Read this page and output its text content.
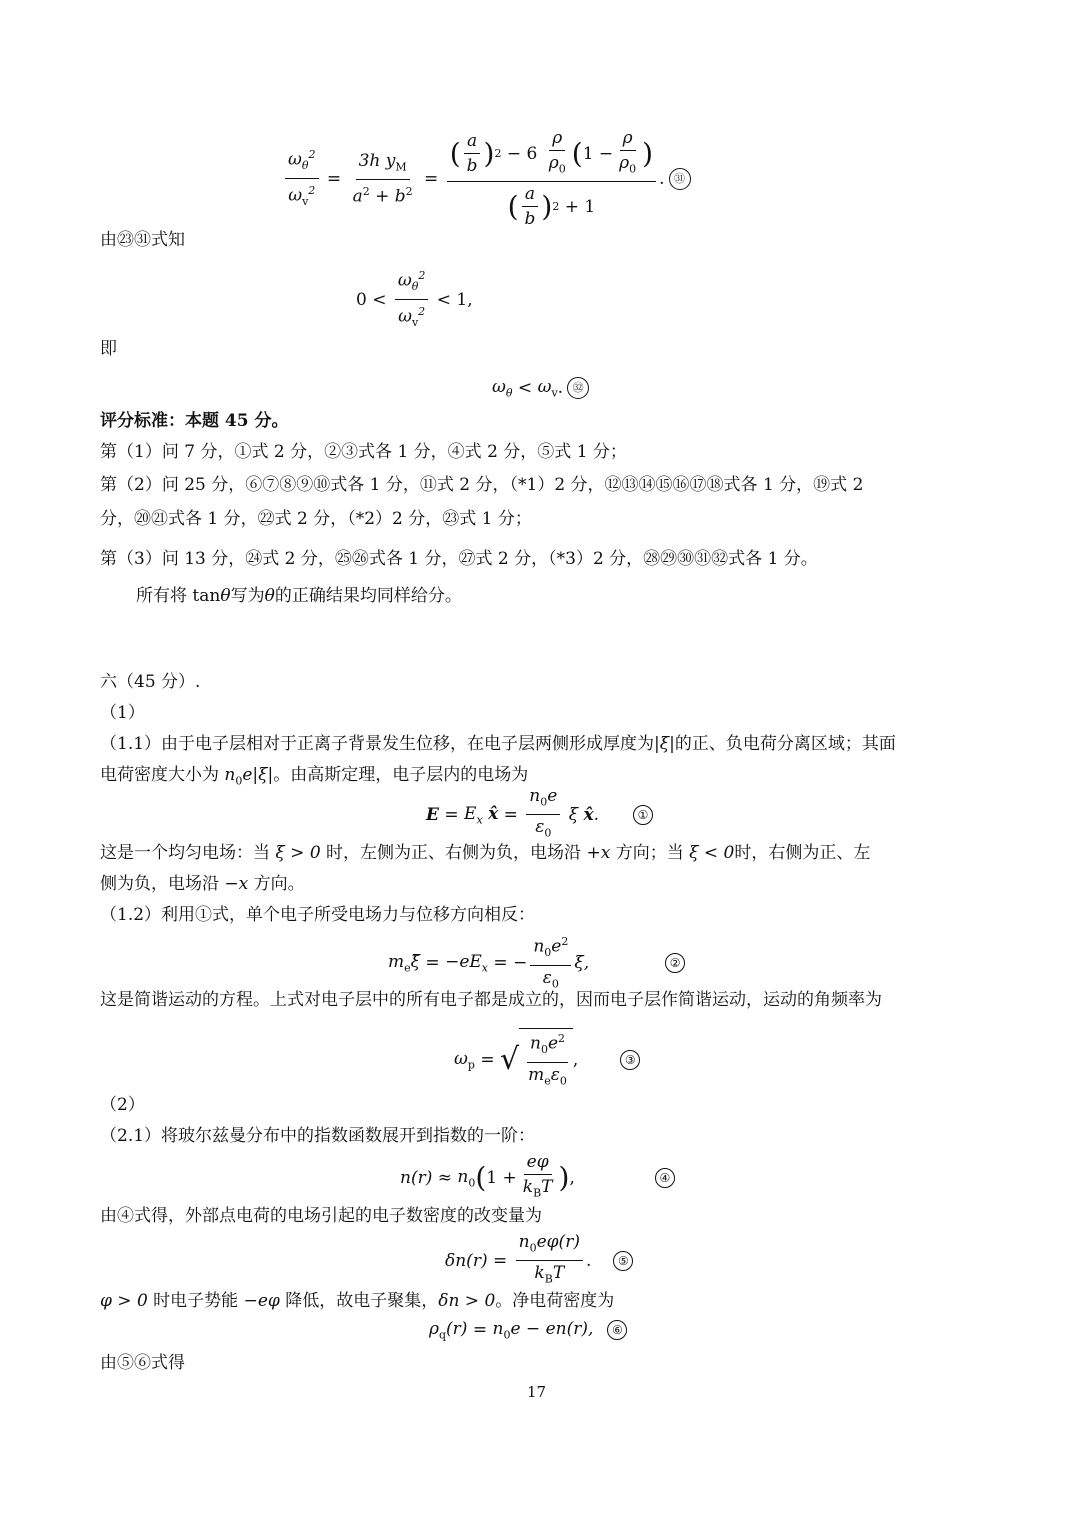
$\frac{\omega_\theta^2}{\omega_v^2} = \frac{3h y_M}{a^2 + b^2} = \frac{( \frac{a}{b} ) 2 - 6 \frac{\rho}{\rho_0} ( 1 - \frac{\rho}{\rho_0} )}{( \frac{a}{b} ) 2 + 1}$ . ㉛
由㉓㉛式知
$0 < \frac{\omega_\theta^2}{\omega_v^2} < 1$,
即
$\omega_\theta < \omega_v$ . ㉜
评分标准：本题 45 分。
第（1）问 7 分，①式 2 分，②③式各 1 分，④式 2 分，⑤式 1 分；
第（2）问 25 分，⑥⑦⑧⑨⑩式各 1 分，⑪式 2 分，（*1）2 分，⑫⑬⑭⑮⑯⑰⑱式各 1 分，⑲式 2
分，⑳㉑式各 1 分，㉒式 2 分，（*2）2 分，㉓式 1 分；
第（3）问 13 分，㉔式 2 分，㉕㉖式各 1 分，㉗式 2 分，（*3）2 分，㉘㉙㉚㉛㉜式各 1 分。
所有将 tanθ写为θ的正确结果均同样给分。
六（45 分）.
（1）
（1.1）由于电子层相对于正离子背景发生位移，在电子层两侧形成厚度为|ξ|的正、负电荷分离区域；其面
电荷密度大小为 $n_0e|\xi|$。由高斯定理，电子层内的电场为
$E = E_x$ x̂ = $\frac{n_0e}{\varepsilon_0}$ ξ x̂.	①
这是一个均匀电场：当 ξ > 0 时，左侧为正、右侧为负，电场沿 +x 方向；当 ξ < 0时，右侧为正、左
侧为负，电场沿 −x 方向。
（1.2）利用①式，单个电子所受电场力与位移方向相反：
$m_e\xï = -eE_x$ = − $\frac{n_0e^2}{\varepsilon_0} \xi$,	②
这是简谐运动的方程。上式对电子层中的所有电子都是成立的，因而电子层作简谐运动，运动的角频率为
$\omega_p$ = √ $\frac{n_0e^2}{m_e\varepsilon_0}$ ,	③
（2）
（2.1）将玻尔兹曼分布中的指数函数展开到指数的一阶：
$n(r) \approx n_0$ ( $1 + \frac{e\varphi}{k_BT}$ ) ,	④
由④式得，外部点电荷的电场引起的电子数密度的改变量为
$\delta n(r) = \frac{n_0e\varphi(r)}{k_BT}$ .	⑤
φ > 0 时电子势能 −eφ 降低，故电子聚集，δn > 0。净电荷密度为
$\rho_q(r) = n_0e - en(r)$,	⑥
由⑤⑥式得
17
